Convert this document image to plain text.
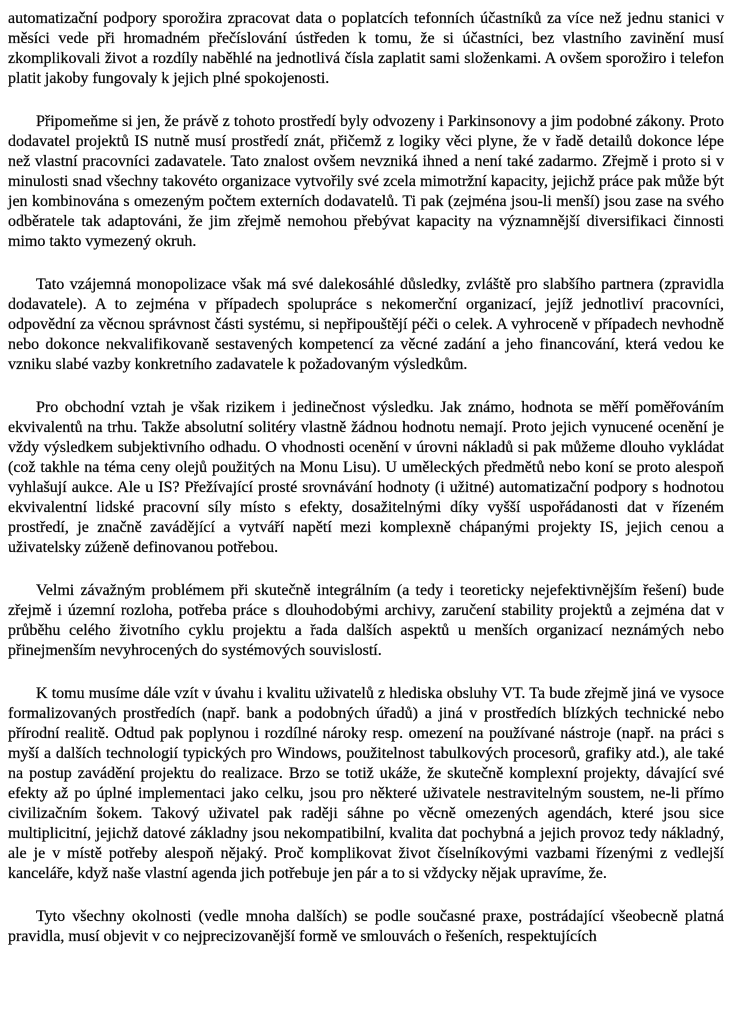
automatizační podpory sporožira zpracovat data o poplatcích tefonních účastníků za více než jednu stanici v měsíci vede při hromadném přečíslování ústředen k tomu, že si účastníci, bez vlastního zavinění musí zkomplikovali život a rozdíly naběhlé na jednotlivá čísla zaplatit sami složenkami. A ovšem sporožiro i telefon platit jakoby fungovaly k jejich plné spokojenosti.

Připomeňme si jen, že právě z tohoto prostředí byly odvozeny i Parkinsonovy a jim podobné zákony. Proto dodavatel projektů IS nutně musí prostředí znát, přičemž z logiky věci plyne, že v řadě detailů dokonce lépe než vlastní pracovníci zadavatele. Tato znalost ovšem nevzniká ihned a není také zadarmo. Zřejmě i proto si v minulosti snad všechny takovéto organizace vytvořily své zcela mimotržní kapacity, jejichž práce pak může být jen kombinována s omezeným počtem externích dodavatelů. Ti pak (zejména jsou-li menší) jsou zase na svého odběratele tak adaptováni, že jim zřejmě nemohou přebývat kapacity na významnější diversifikaci činnosti mimo takto vymezený okruh.

Tato vzájemná monopolizace však má své dalekosáhlé důsledky, zvláště pro slabšího partnera (zpravidla dodavatele). A to zejména v případech spolupráce s nekomerční organizací, jejíž jednotliví pracovníci, odpovědní za věcnou správnost části systému, si nepřipouštějí péči o celek. A vyhroceně v případech nevhodně nebo dokonce nekvalifikovaně sestavených kompetencí za věcné zadání a jeho financování, která vedou ke vzniku slabé vazby konkretního zadavatele k požadovaným výsledkům.

Pro obchodní vztah je však rizikem i jedinečnost výsledku. Jak známo, hodnota se měří poměřováním ekvivalentů na trhu. Takže absolutní solitéry vlastně žádnou hodnotu nemají. Proto jejich vynucené ocenění je vždy výsledkem subjektivního odhadu. O vhodnosti ocenění v úrovni nákladů si pak můžeme dlouho vykládat (což takhle na téma ceny olejů použitých na Monu Lisu). U uměleckých předmětů nebo koní se proto alespoň vyhlašují aukce. Ale u IS? Přežívající prosté srovnávání hodnoty (i užitné) automatizační podpory s hodnotou ekvivalentní lidské pracovní síly místo s efekty, dosažitelnými díky vyšší uspořádanosti dat v řízeném prostředí, je značně zavádějící a vytváří napětí mezi komplexně chápanými projekty IS, jejich cenou a uživatelsky zúženě definovanou potřebou.

Velmi závažným problémem při skutečně integrálním (a tedy i teoreticky nejefektivnějším řešení) bude zřejmě i územní rozloha, potřeba práce s dlouhodobými archivy, zaručení stability projektů a zejména dat v průběhu celého životního cyklu projektu a řada dalších aspektů u menších organizací neznámých nebo přinejmenším nevyhrocených do systémových souvislostí.

K tomu musíme dále vzít v úvahu i kvalitu uživatelů z hlediska obsluhy VT. Ta bude zřejmě jiná ve vysoce formalizovaných prostředích (např. bank a podobných úřadů) a jiná v prostředích blízkých technické nebo přírodní realitě. Odtud pak poplynou i rozdílné nároky resp. omezení na používané nástroje (např. na práci s myší a dalších technologií typických pro Windows, použitelnost tabulkových procesorů, grafiky atd.), ale také na postup zavádění projektu do realizace. Brzo se totiž ukáže, že skutečně komplexní projekty, dávající své efekty až po úplné implementaci jako celku, jsou pro některé uživatele nestravitelným soustem, ne-li přímo civilizačním šokem. Takový uživatel pak raději sáhne po věcně omezených agendách, které jsou sice multiplicitní, jejichž datové základny jsou nekompatibilní, kvalita dat pochybná a jejich provoz tedy nákladný, ale je v místě potřeby alespoň nějaký. Proč komplikovat život číselníkovými vazbami řízenými z vedlejší kanceláře, když naše vlastní agenda jich potřebuje jen pár a to si vždycky nějak upravíme, že.

Tyto všechny okolnosti (vedle mnoha dalších) se podle současné praxe, postrádající všeobecně platná pravidla, musí objevit v co nejprecizovanější formě ve smlouvách o řešeních, respektujících
